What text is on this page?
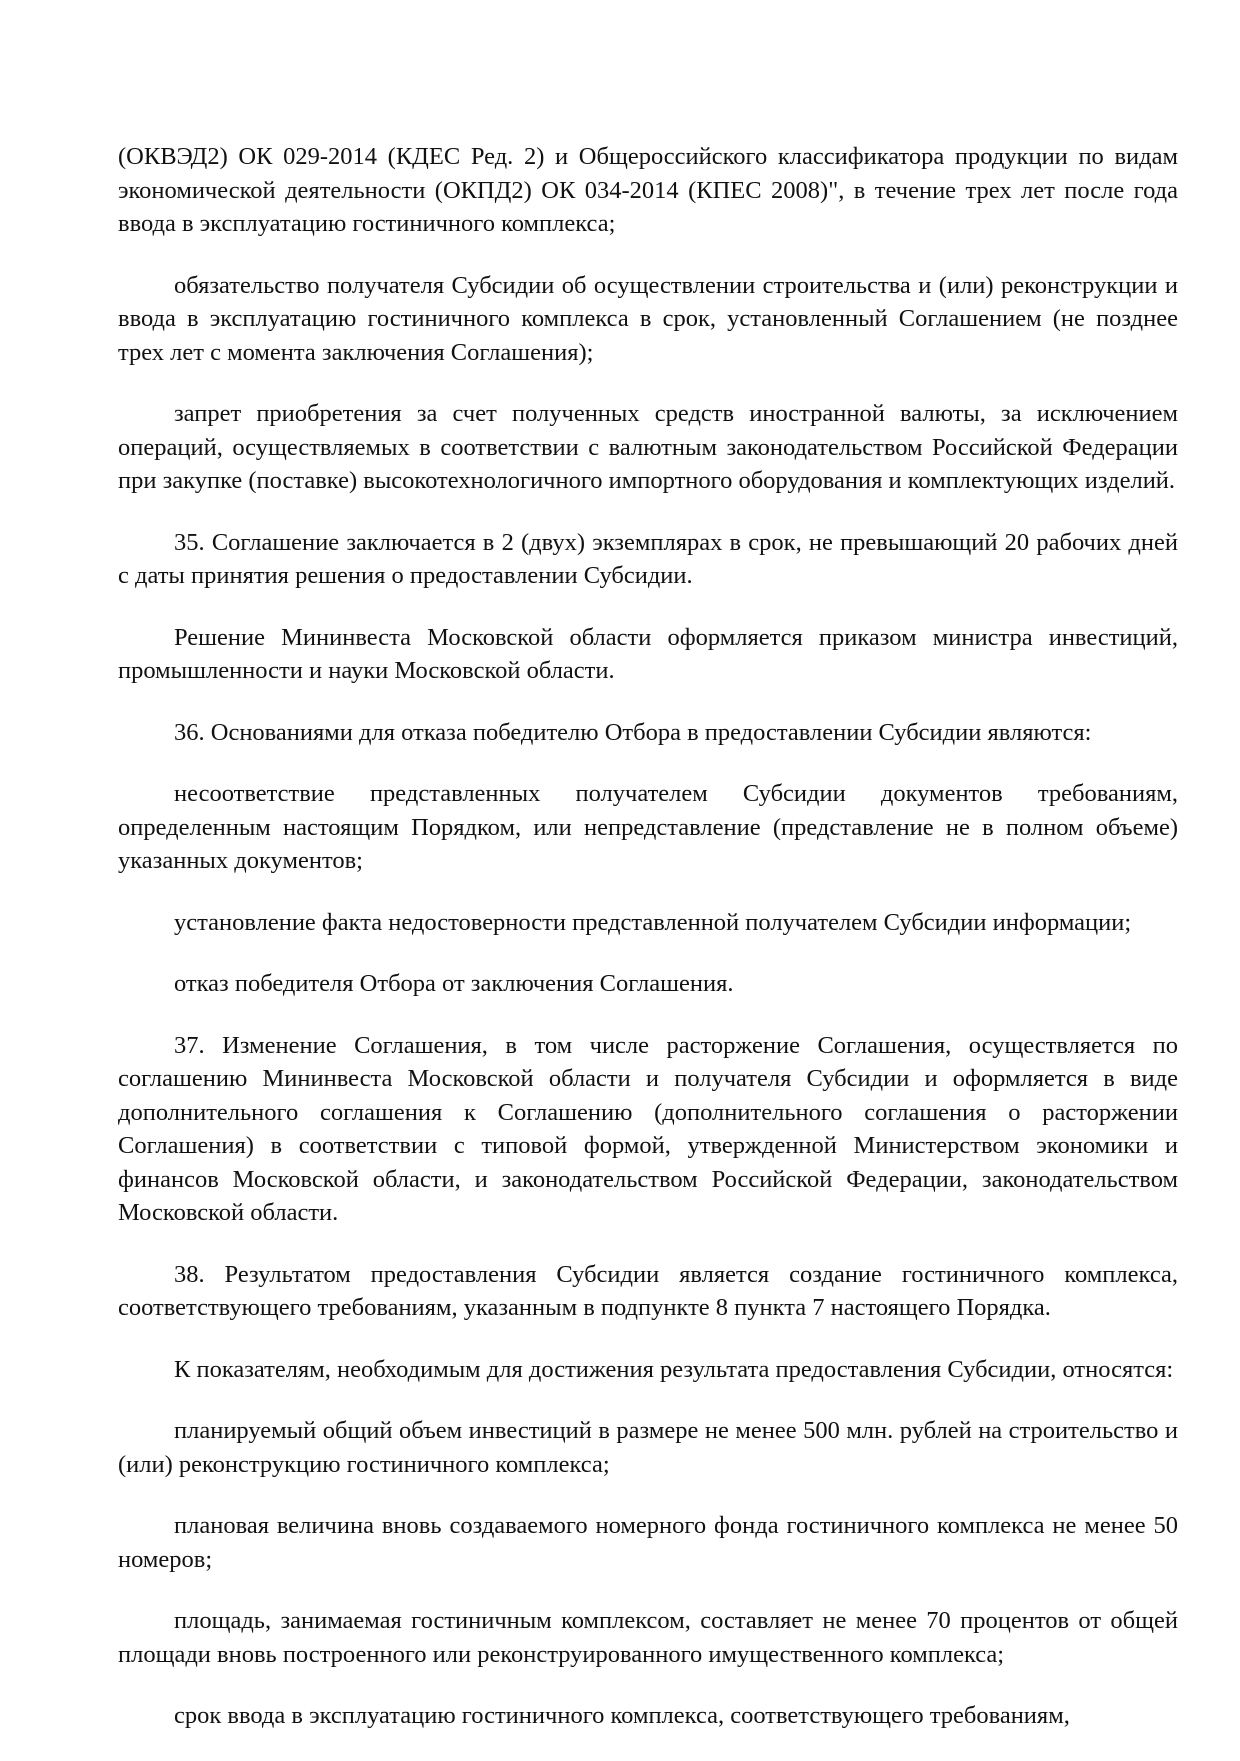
(ОКВЭД2) ОК 029-2014 (КДЕС Ред. 2) и Общероссийского классификатора продукции по видам экономической деятельности (ОКПД2) ОК 034-2014 (КПЕС 2008)", в течение трех лет после года ввода в эксплуатацию гостиничного комплекса;

обязательство получателя Субсидии об осуществлении строительства и (или) реконструкции и ввода в эксплуатацию гостиничного комплекса в срок, установленный Соглашением (не позднее трех лет с момента заключения Соглашения);

запрет приобретения за счет полученных средств иностранной валюты, за исключением операций, осуществляемых в соответствии с валютным законодательством Российской Федерации при закупке (поставке) высокотехнологичного импортного оборудования и комплектующих изделий.

35. Соглашение заключается в 2 (двух) экземплярах в срок, не превышающий 20 рабочих дней с даты принятия решения о предоставлении Субсидии.

Решение Мининвеста Московской области оформляется приказом министра инвестиций, промышленности и науки Московской области.

36. Основаниями для отказа победителю Отбора в предоставлении Субсидии являются:

несоответствие представленных получателем Субсидии документов требованиям, определенным настоящим Порядком, или непредставление (представление не в полном объеме) указанных документов;

установление факта недостоверности представленной получателем Субсидии информации;

отказ победителя Отбора от заключения Соглашения.

37. Изменение Соглашения, в том числе расторжение Соглашения, осуществляется по соглашению Мининвеста Московской области и получателя Субсидии и оформляется в виде дополнительного соглашения к Соглашению (дополнительного соглашения о расторжении Соглашения) в соответствии с типовой формой, утвержденной Министерством экономики и финансов Московской области, и законодательством Российской Федерации, законодательством Московской области.

38. Результатом предоставления Субсидии является создание гостиничного комплекса, соответствующего требованиям, указанным в подпункте 8 пункта 7 настоящего Порядка.

К показателям, необходимым для достижения результата предоставления Субсидии, относятся:

планируемый общий объем инвестиций в размере не менее 500 млн. рублей на строительство и (или) реконструкцию гостиничного комплекса;

плановая величина вновь создаваемого номерного фонда гостиничного комплекса не менее 50 номеров;

площадь, занимаемая гостиничным комплексом, составляет не менее 70 процентов от общей площади вновь построенного или реконструированного имущественного комплекса;

срок ввода в эксплуатацию гостиничного комплекса, соответствующего требованиям,
